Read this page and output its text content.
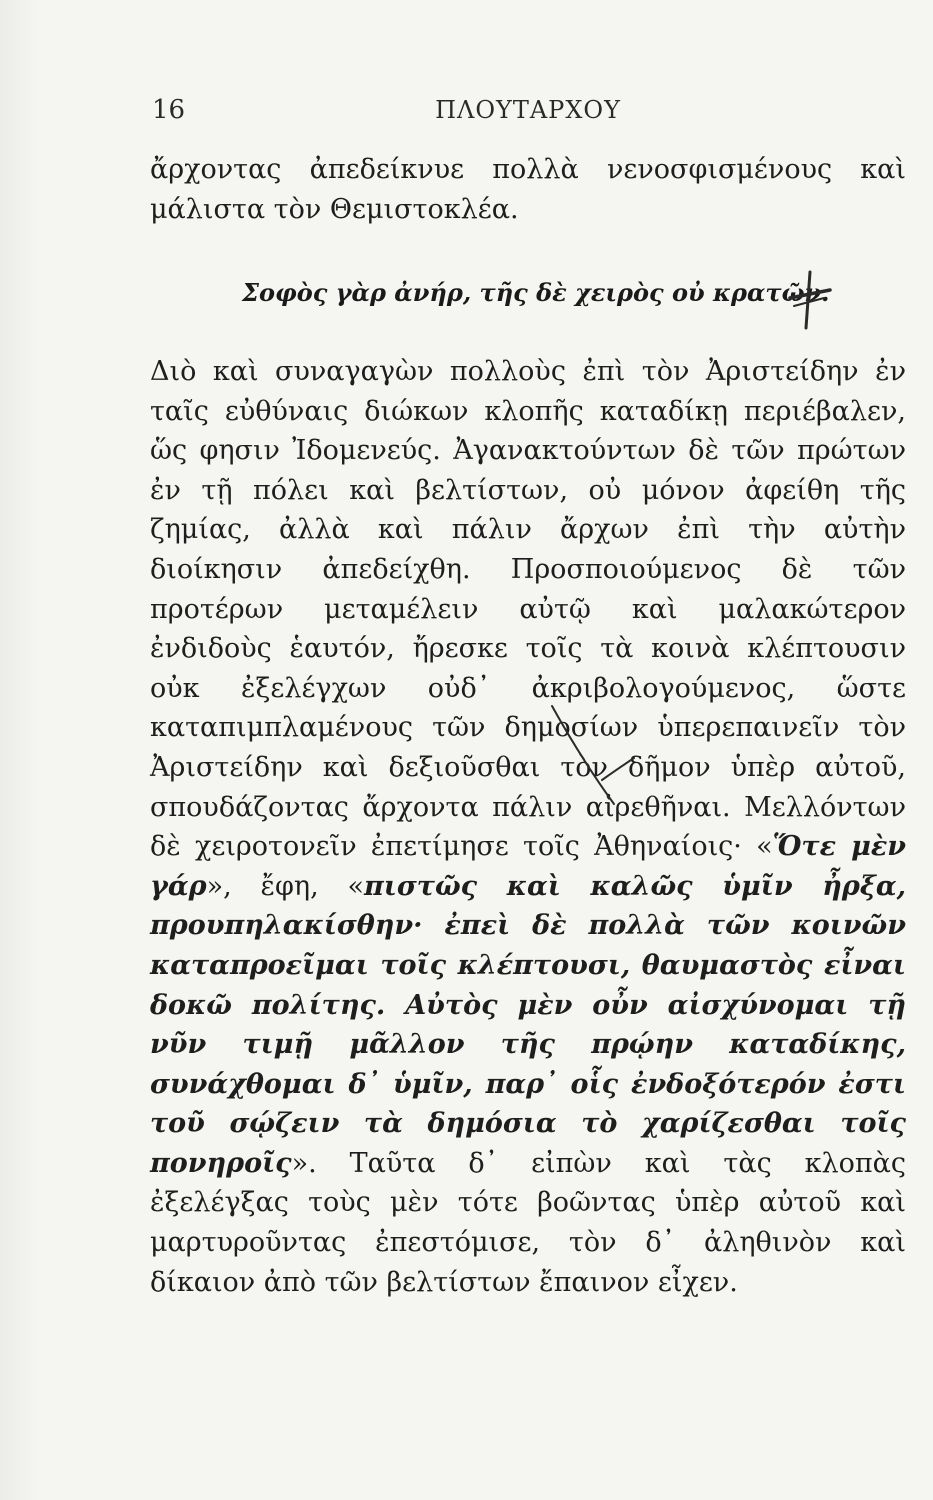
16	ΠΛΟΥΤΑΡΧΟΥ

ἄρχοντας ἀπεδείκνυε πολλὰ νενοσφισμένους καὶ μάλιστα τὸν Θεμιστοκλέα.

Σοφὸς γὰρ ἀνήρ, τῆς δὲ χειρὸς οὐ κρατῶν.

Διὸ καὶ συναγαγὼν πολλοὺς ἐπὶ τὸν Ἀριστείδην ἐν ταῖς εὐθύναις διώκων κλοπῆς καταδίκῃ περιέβαλεν, ὥς φησιν Ἰδομενεύς. Ἀγανακτούντων δὲ τῶν πρώτων ἐν τῇ πόλει καὶ βελτίστων, οὐ μόνον ἀφείθη τῆς ζημίας, ἀλλὰ καὶ πάλιν ἄρχων ἐπὶ τὴν αὐτὴν διοίκησιν ἀπεδείχθη. Προσποιούμενος δὲ τῶν προτέρων μεταμέλειν αὐτῷ καὶ μαλακώτερον ἐνδιδοὺς ἑαυτόν, ἤρεσκε τοῖς τὰ κοινὰ κλέπτουσιν οὐκ ἐξελέγχων οὐδ᾽ ἀκριβολογούμενος, ὥστε καταπιμπλαμένους τῶν δημοσίων ὑπερεπαινεῖν τὸν Ἀριστείδην καὶ δεξιοῦσθαι τὸν δῆμον ὑπὲρ αὐτοῦ, σπουδάζοντας ἄρχοντα πάλιν αἱρεθῆναι. Μελλόντων δὲ χειροτονεῖν ἐπετίμησε τοῖς Ἀθηναίοις· «Ὅτε μὲν γάρ», ἔφη, «πιστῶς καὶ καλῶς ὑμῖν ἦρξα, προυπηλακίσθην· ἐπεὶ δὲ πολλὰ τῶν κοινῶν καταπροεῖμαι τοῖς κλέπτουσι, θαυμαστὸς εἶναι δοκῶ πολίτης. Αὐτὸς μὲν οὖν αἰσχύνομαι τῇ νῦν τιμῇ μᾶλλον τῆς πρῴην καταδίκης, συνάχθομαι δ᾽ ὑμῖν, παρ᾽ οἷς ἐνδοξότερόν ἐστι τοῦ σῴζειν τὰ δημόσια τὸ χαρίζεσθαι τοῖς πονηροῖς». Ταῦτα δ᾽ εἰπὼν καὶ τὰς κλοπὰς ἐξελέγξας τοὺς μὲν τότε βοῶντας ὑπὲρ αὐτοῦ καὶ μαρτυροῦντας ἐπεστόμισε, τὸν δ᾽ ἀληθινὸν καὶ δίκαιον ἀπὸ τῶν βελτίστων ἔπαινον εἶχεν.
